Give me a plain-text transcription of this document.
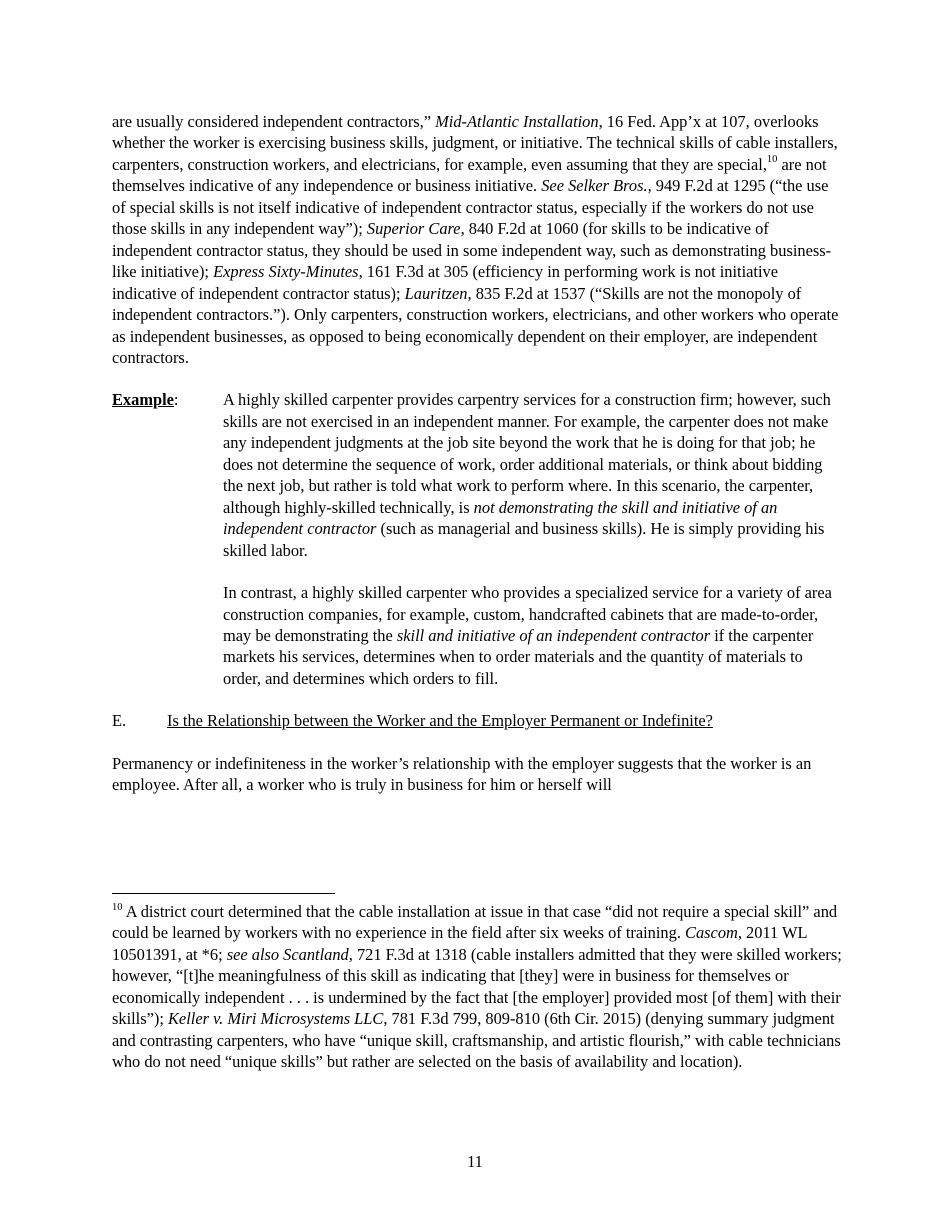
are usually considered independent contractors,” Mid-Atlantic Installation, 16 Fed. App’x at 107, overlooks whether the worker is exercising business skills, judgment, or initiative. The technical skills of cable installers, carpenters, construction workers, and electricians, for example, even assuming that they are special,$^{10}$ are not themselves indicative of any independence or business initiative. See Selker Bros., 949 F.2d at 1295 (“the use of special skills is not itself indicative of independent contractor status, especially if the workers do not use those skills in any independent way”); Superior Care, 840 F.2d at 1060 (for skills to be indicative of independent contractor status, they should be used in some independent way, such as demonstrating business-like initiative); Express Sixty-Minutes, 161 F.3d at 305 (efficiency in performing work is not initiative indicative of independent contractor status); Lauritzen, 835 F.2d at 1537 (“Skills are not the monopoly of independent contractors.”). Only carpenters, construction workers, electricians, and other workers who operate as independent businesses, as opposed to being economically dependent on their employer, are independent contractors.

Example:	A highly skilled carpenter provides carpentry services for a construction firm; however, such skills are not exercised in an independent manner. For example, the carpenter does not make any independent judgments at the job site beyond the work that he is doing for that job; he does not determine the sequence of work, order additional materials, or think about bidding the next job, but rather is told what work to perform where. In this scenario, the carpenter, although highly-skilled technically, is not demonstrating the skill and initiative of an independent contractor (such as managerial and business skills). He is simply providing his skilled labor.

In contrast, a highly skilled carpenter who provides a specialized service for a variety of area construction companies, for example, custom, handcrafted cabinets that are made-to-order, may be demonstrating the skill and initiative of an independent contractor if the carpenter markets his services, determines when to order materials and the quantity of materials to order, and determines which orders to fill.

E.	Is the Relationship between the Worker and the Employer Permanent or Indefinite?

Permanency or indefiniteness in the worker’s relationship with the employer suggests that the worker is an employee. After all, a worker who is truly in business for him or herself will

$^{10}$ A district court determined that the cable installation at issue in that case “did not require a special skill” and could be learned by workers with no experience in the field after six weeks of training. Cascom, 2011 WL 10501391, at *6; see also Scantland, 721 F.3d at 1318 (cable installers admitted that they were skilled workers; however, “[t]he meaningfulness of this skill as indicating that [they] were in business for themselves or economically independent . . . is undermined by the fact that [the employer] provided most [of them] with their skills”); Keller v. Miri Microsystems LLC, 781 F.3d 799, 809-810 (6th Cir. 2015) (denying summary judgment and contrasting carpenters, who have “unique skill, craftsmanship, and artistic flourish,” with cable technicians who do not need “unique skills” but rather are selected on the basis of availability and location).

11
